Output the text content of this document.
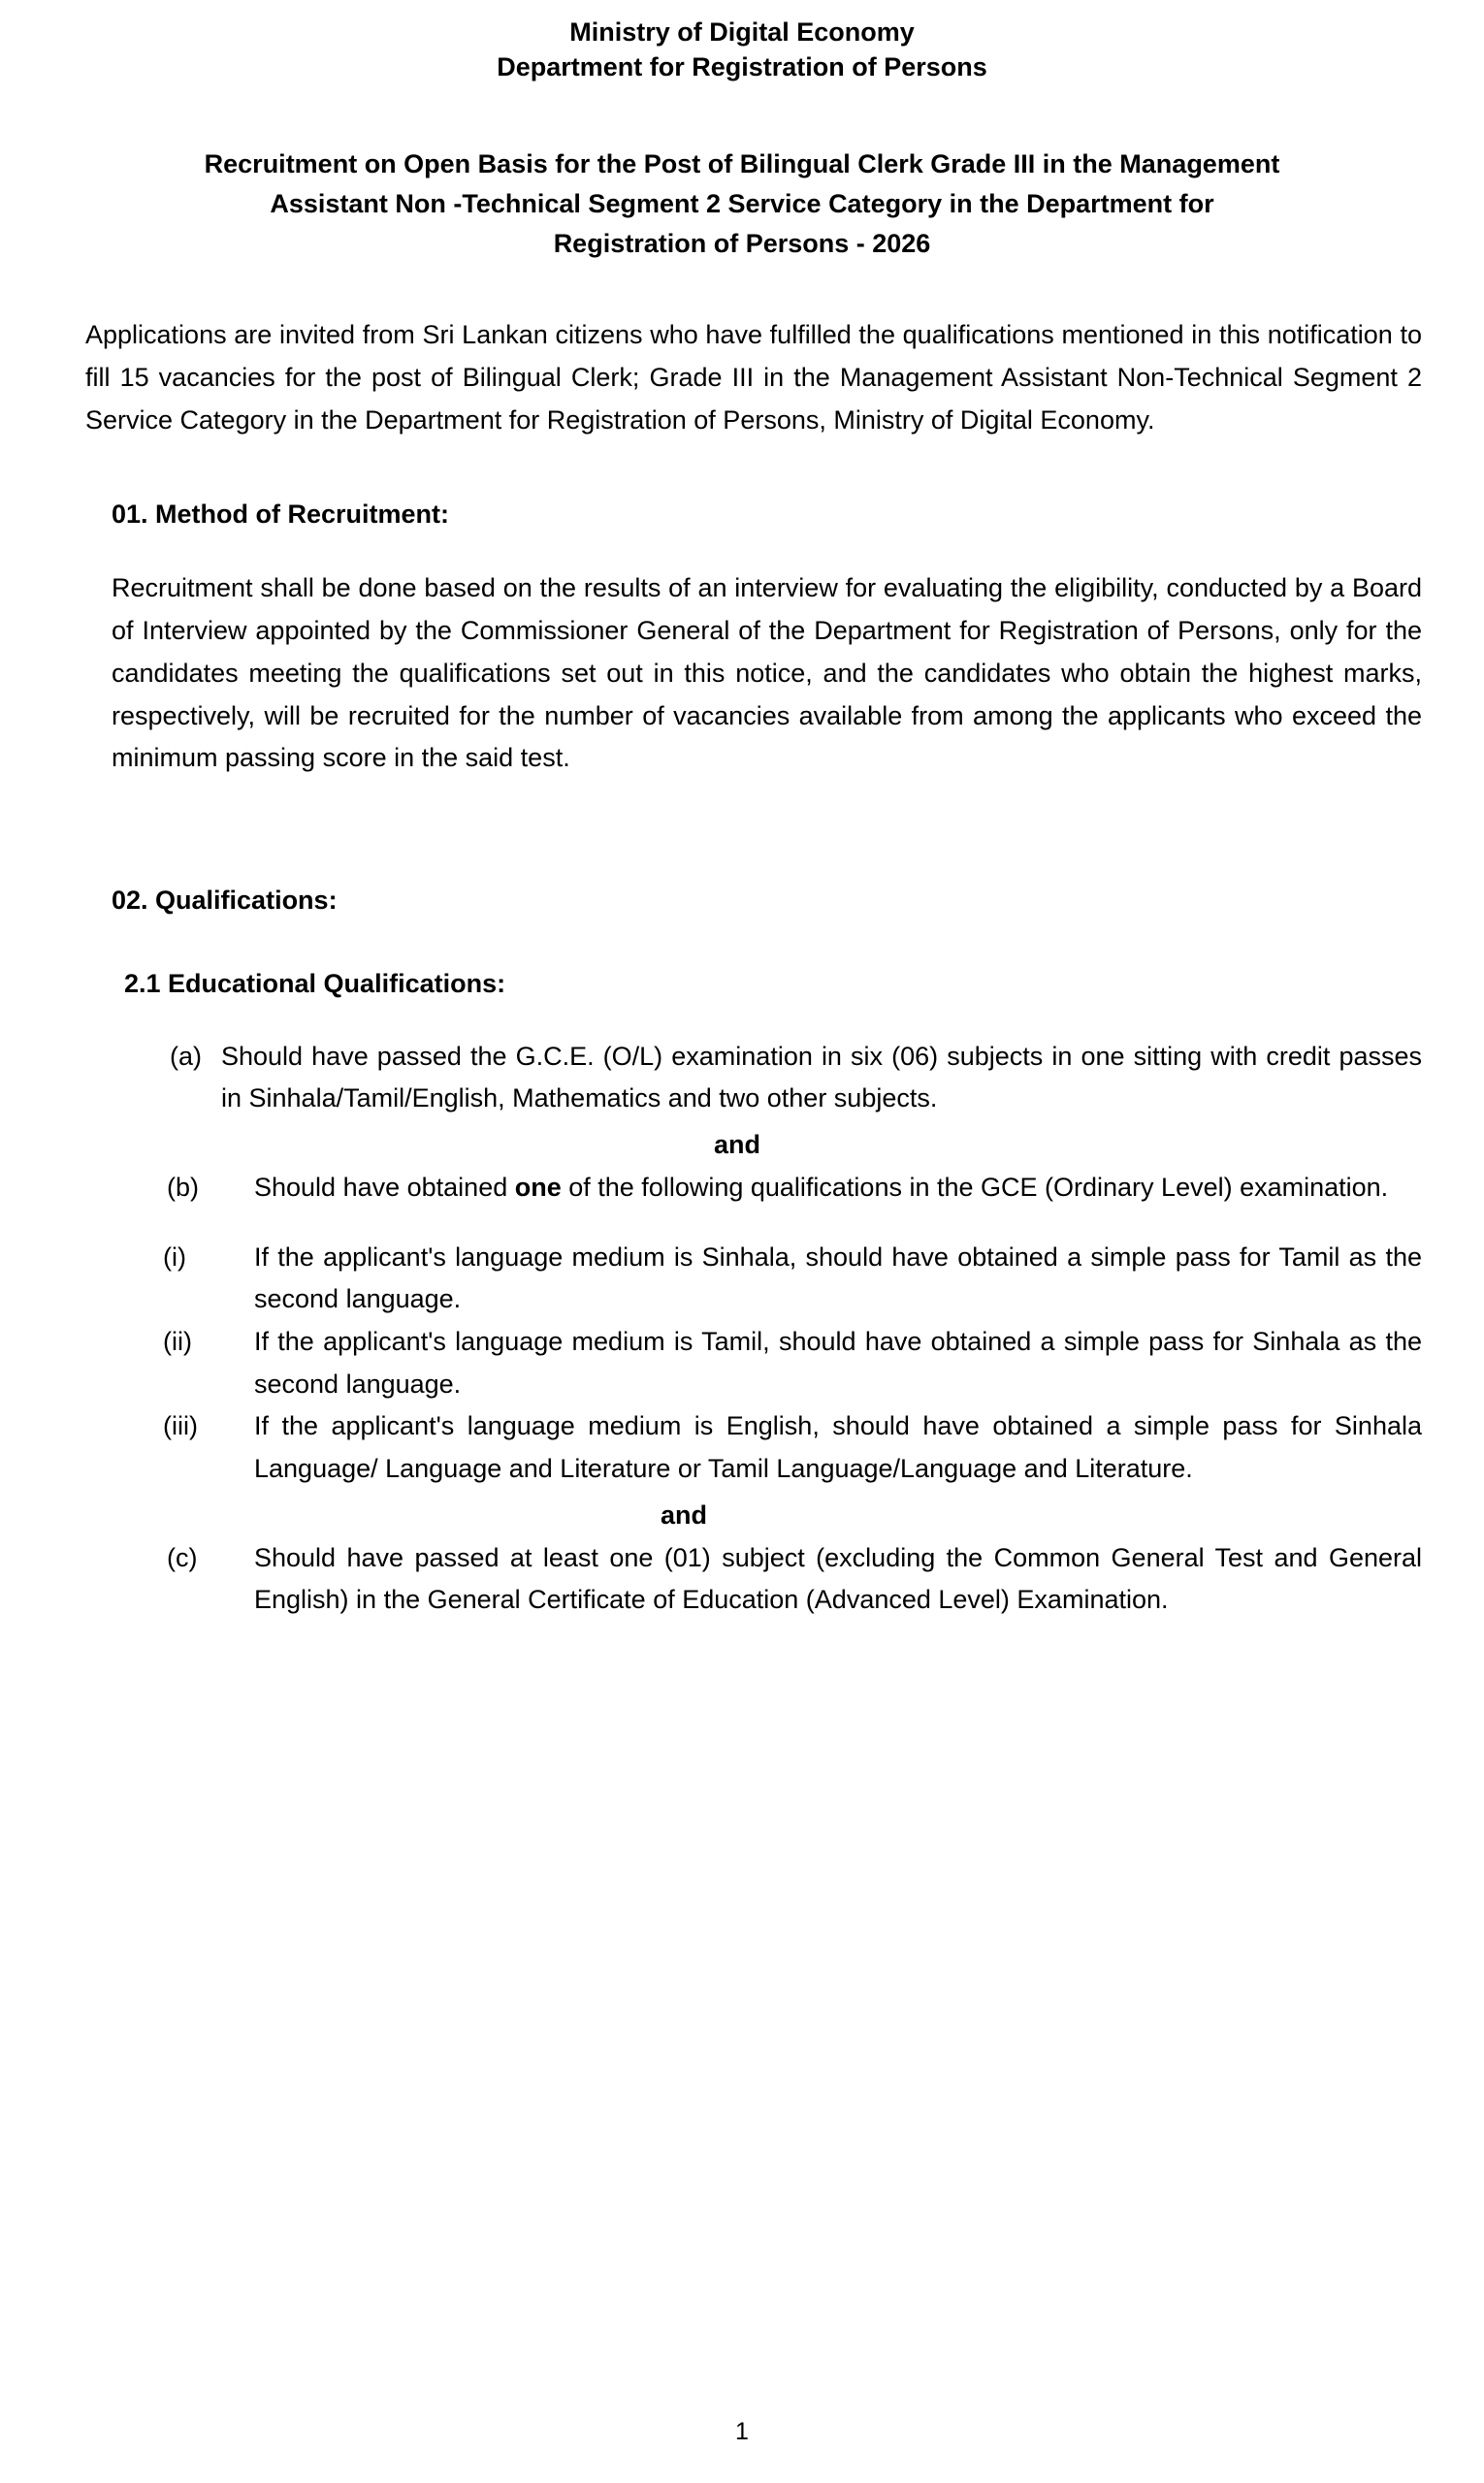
Ministry of Digital Economy
Department for Registration of Persons
Recruitment on Open Basis for the Post of Bilingual Clerk Grade III in the Management
Assistant Non -Technical Segment 2 Service Category in the Department for
Registration of Persons - 2026
Applications are invited from Sri Lankan citizens who have fulfilled the qualifications mentioned in this notification to fill 15 vacancies for the post of Bilingual Clerk; Grade III in the Management Assistant Non-Technical Segment 2 Service Category in the Department for Registration of Persons, Ministry of Digital Economy.
01. Method of Recruitment:
Recruitment shall be done based on the results of an interview for evaluating the eligibility, conducted by a Board of Interview appointed by the Commissioner General of the Department for Registration of Persons, only for the candidates meeting the qualifications set out in this notice, and the candidates who obtain the highest marks, respectively, will be recruited for the number of vacancies available from among the applicants who exceed the minimum passing score in the said test.
02. Qualifications:
2.1 Educational Qualifications:
(a) Should have passed the G.C.E. (O/L) examination in six (06) subjects in one sitting with credit passes in Sinhala/Tamil/English, Mathematics and two other subjects.
and
(b)	Should have obtained one of the following qualifications in the GCE (Ordinary Level) examination.
(i)	If the applicant's language medium is Sinhala, should have obtained a simple pass for Tamil as the second language.
(ii)	If the applicant's language medium is Tamil, should have obtained a simple pass for Sinhala as the second language.
(iii)	If the applicant's language medium is English, should have obtained a simple pass for Sinhala Language/ Language and Literature or Tamil Language/Language and Literature.
and
(c)	Should have passed at least one (01) subject (excluding the Common General Test and General English) in the General Certificate of Education (Advanced Level) Examination.
1
